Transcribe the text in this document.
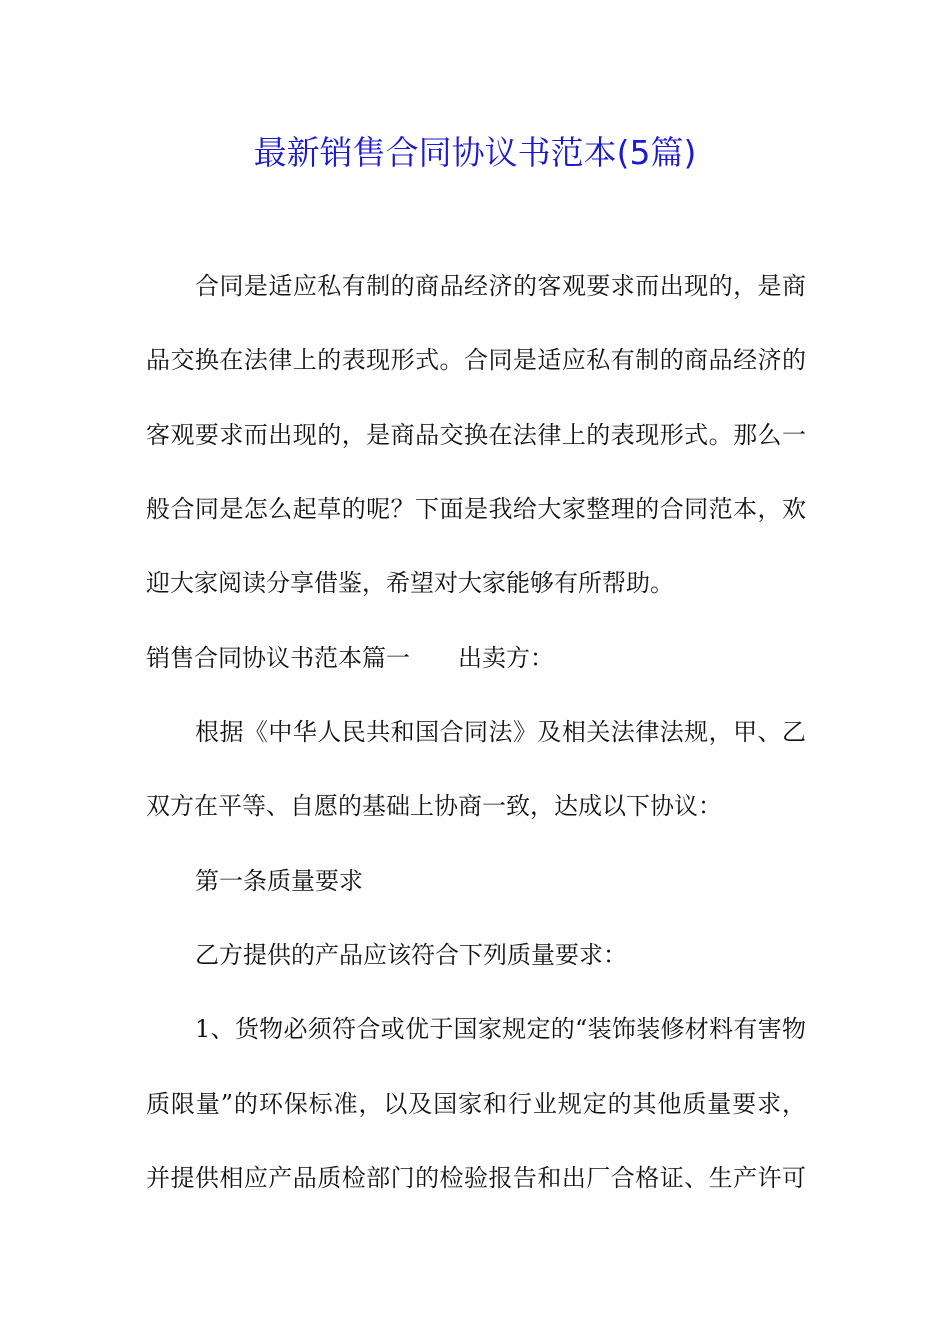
最新销售合同协议书范本(5篇)
合同是适应私有制的商品经济的客观要求而出现的，是商
品交换在法律上的表现形式。合同是适应私有制的商品经济的
客观要求而出现的，是商品交换在法律上的表现形式。那么一
般合同是怎么起草的呢？下面是我给大家整理的合同范本，欢
迎大家阅读分享借鉴，希望对大家能够有所帮助。
销售合同协议书范本篇一 出卖方：
根据《中华人民共和国合同法》及相关法律法规，甲、乙
双方在平等、自愿的基础上协商一致，达成以下协议：
第一条质量要求
乙方提供的产品应该符合下列质量要求：
1、货物必须符合或优于国家规定的“装饰装修材料有害物
质限量”的环保标准，以及国家和行业规定的其他质量要求，
并提供相应产品质检部门的检验报告和出厂合格证、生产许可
